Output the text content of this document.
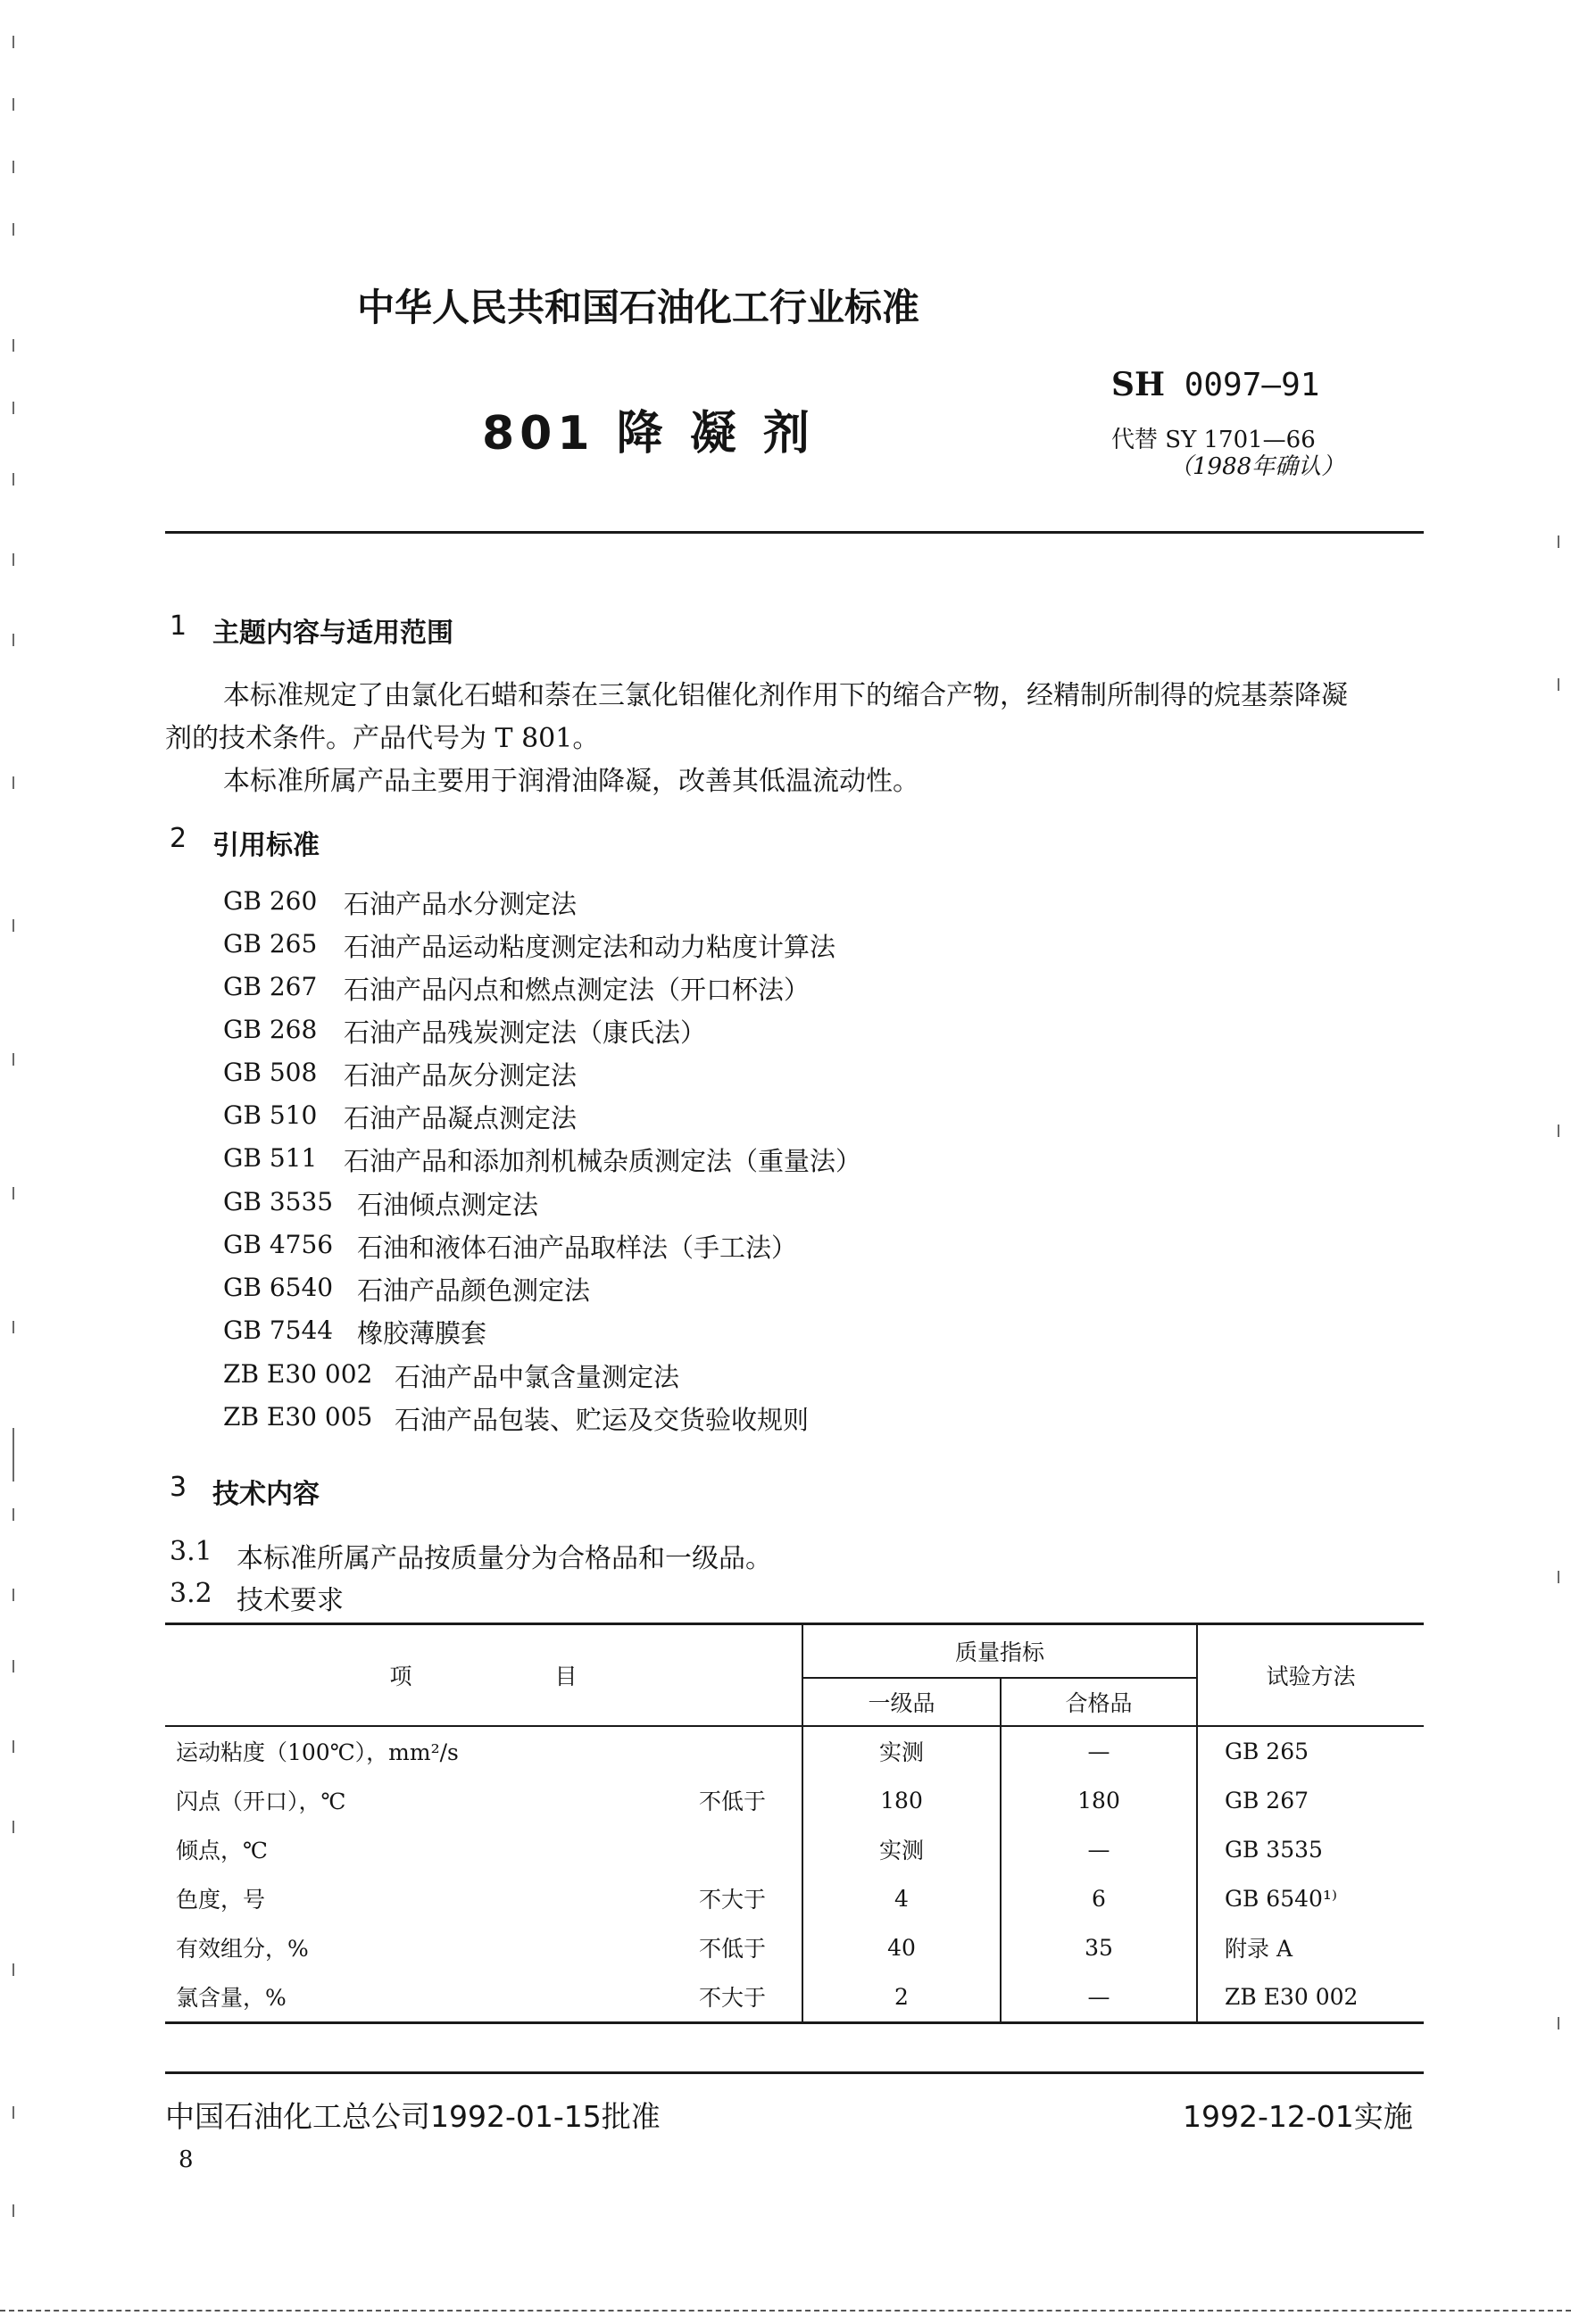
中华人民共和国石油化工行业标准
801 降 凝 剂
SH 0097—91
代替 SY 1701—66
（1988年确认）
1 主题内容与适用范围
本标准规定了由氯化石蜡和萘在三氯化铝催化剂作用下的缩合产物，经精制所制得的烷基萘降凝
剂的技术条件。产品代号为 T 801。
本标准所属产品主要用于润滑油降凝，改善其低温流动性。
2 引用标准
GB 260 石油产品水分测定法
GB 265 石油产品运动粘度测定法和动力粘度计算法
GB 267 石油产品闪点和燃点测定法（开口杯法）
GB 268 石油产品残炭测定法（康氏法）
GB 508 石油产品灰分测定法
GB 510 石油产品凝点测定法
GB 511 石油产品和添加剂机械杂质测定法（重量法）
GB 3535 石油倾点测定法
GB 4756 石油和液体石油产品取样法（手工法）
GB 6540 石油产品颜色测定法
GB 7544 橡胶薄膜套
ZB E30 002 石油产品中氯含量测定法
ZB E30 005 石油产品包装、贮运及交货验收规则
3 技术内容
3.1 本标准所属产品按质量分为合格品和一级品。
3.2 技术要求
项 目	质量指标		试验方法
	一级品	合格品	

运动粘度（100℃），mm²/s	实测	—	GB 265

闪点（开口），℃ 不低于	180	180	GB 267

倾点，℃	实测	—	GB 3535

色度，号 不大于	4	6	GB 6540¹⁾

有效组分，% 不低于	40	35	附录 A

氯含量，% 不大于	2	—	ZB E30 002
中国石油化工总公司1992-01-15批准	1992-12-01实施
8
